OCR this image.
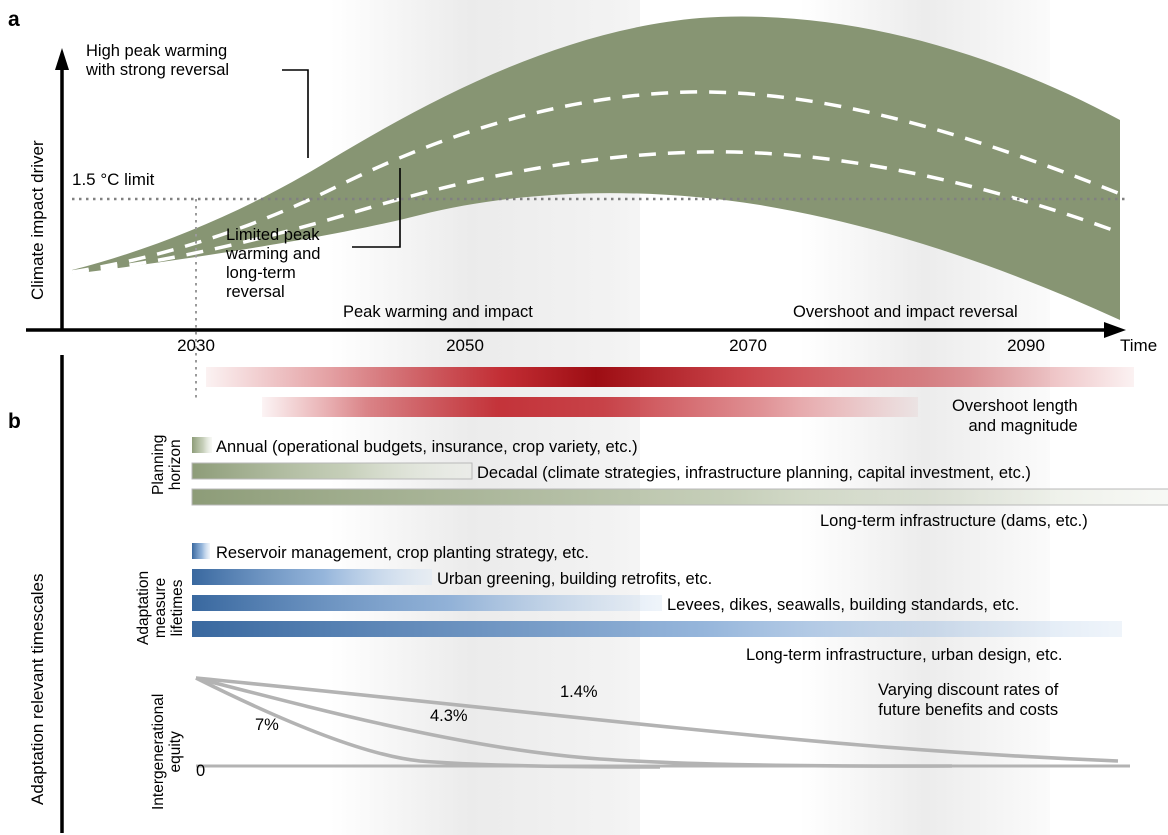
a
b
Climate impact driver
Adaptation relevant timescales
1.5 °C limit
High peak warming
with strong reversal
Limited peak
warming and
long-term
reversal
Peak warming and impact	Overshoot and impact reversal
2030	2050	2070	2090	Time
Planning
horizon
Adaptation
measure
lifetimes
Intergenerational
equity
Overshoot length
and magnitude
Annual (operational budgets, insurance, crop variety, etc.)
Decadal (climate strategies, infrastructure planning, capital investment, etc.)
Long-term infrastructure (dams, etc.)
Reservoir management, crop planting strategy, etc.
Urban greening, building retrofits, etc.
Levees, dikes, seawalls, building standards, etc.
Long-term infrastructure, urban design, etc.
7%	4.3%
1.4%
0
Varying discount rates of
future benefits and costs
